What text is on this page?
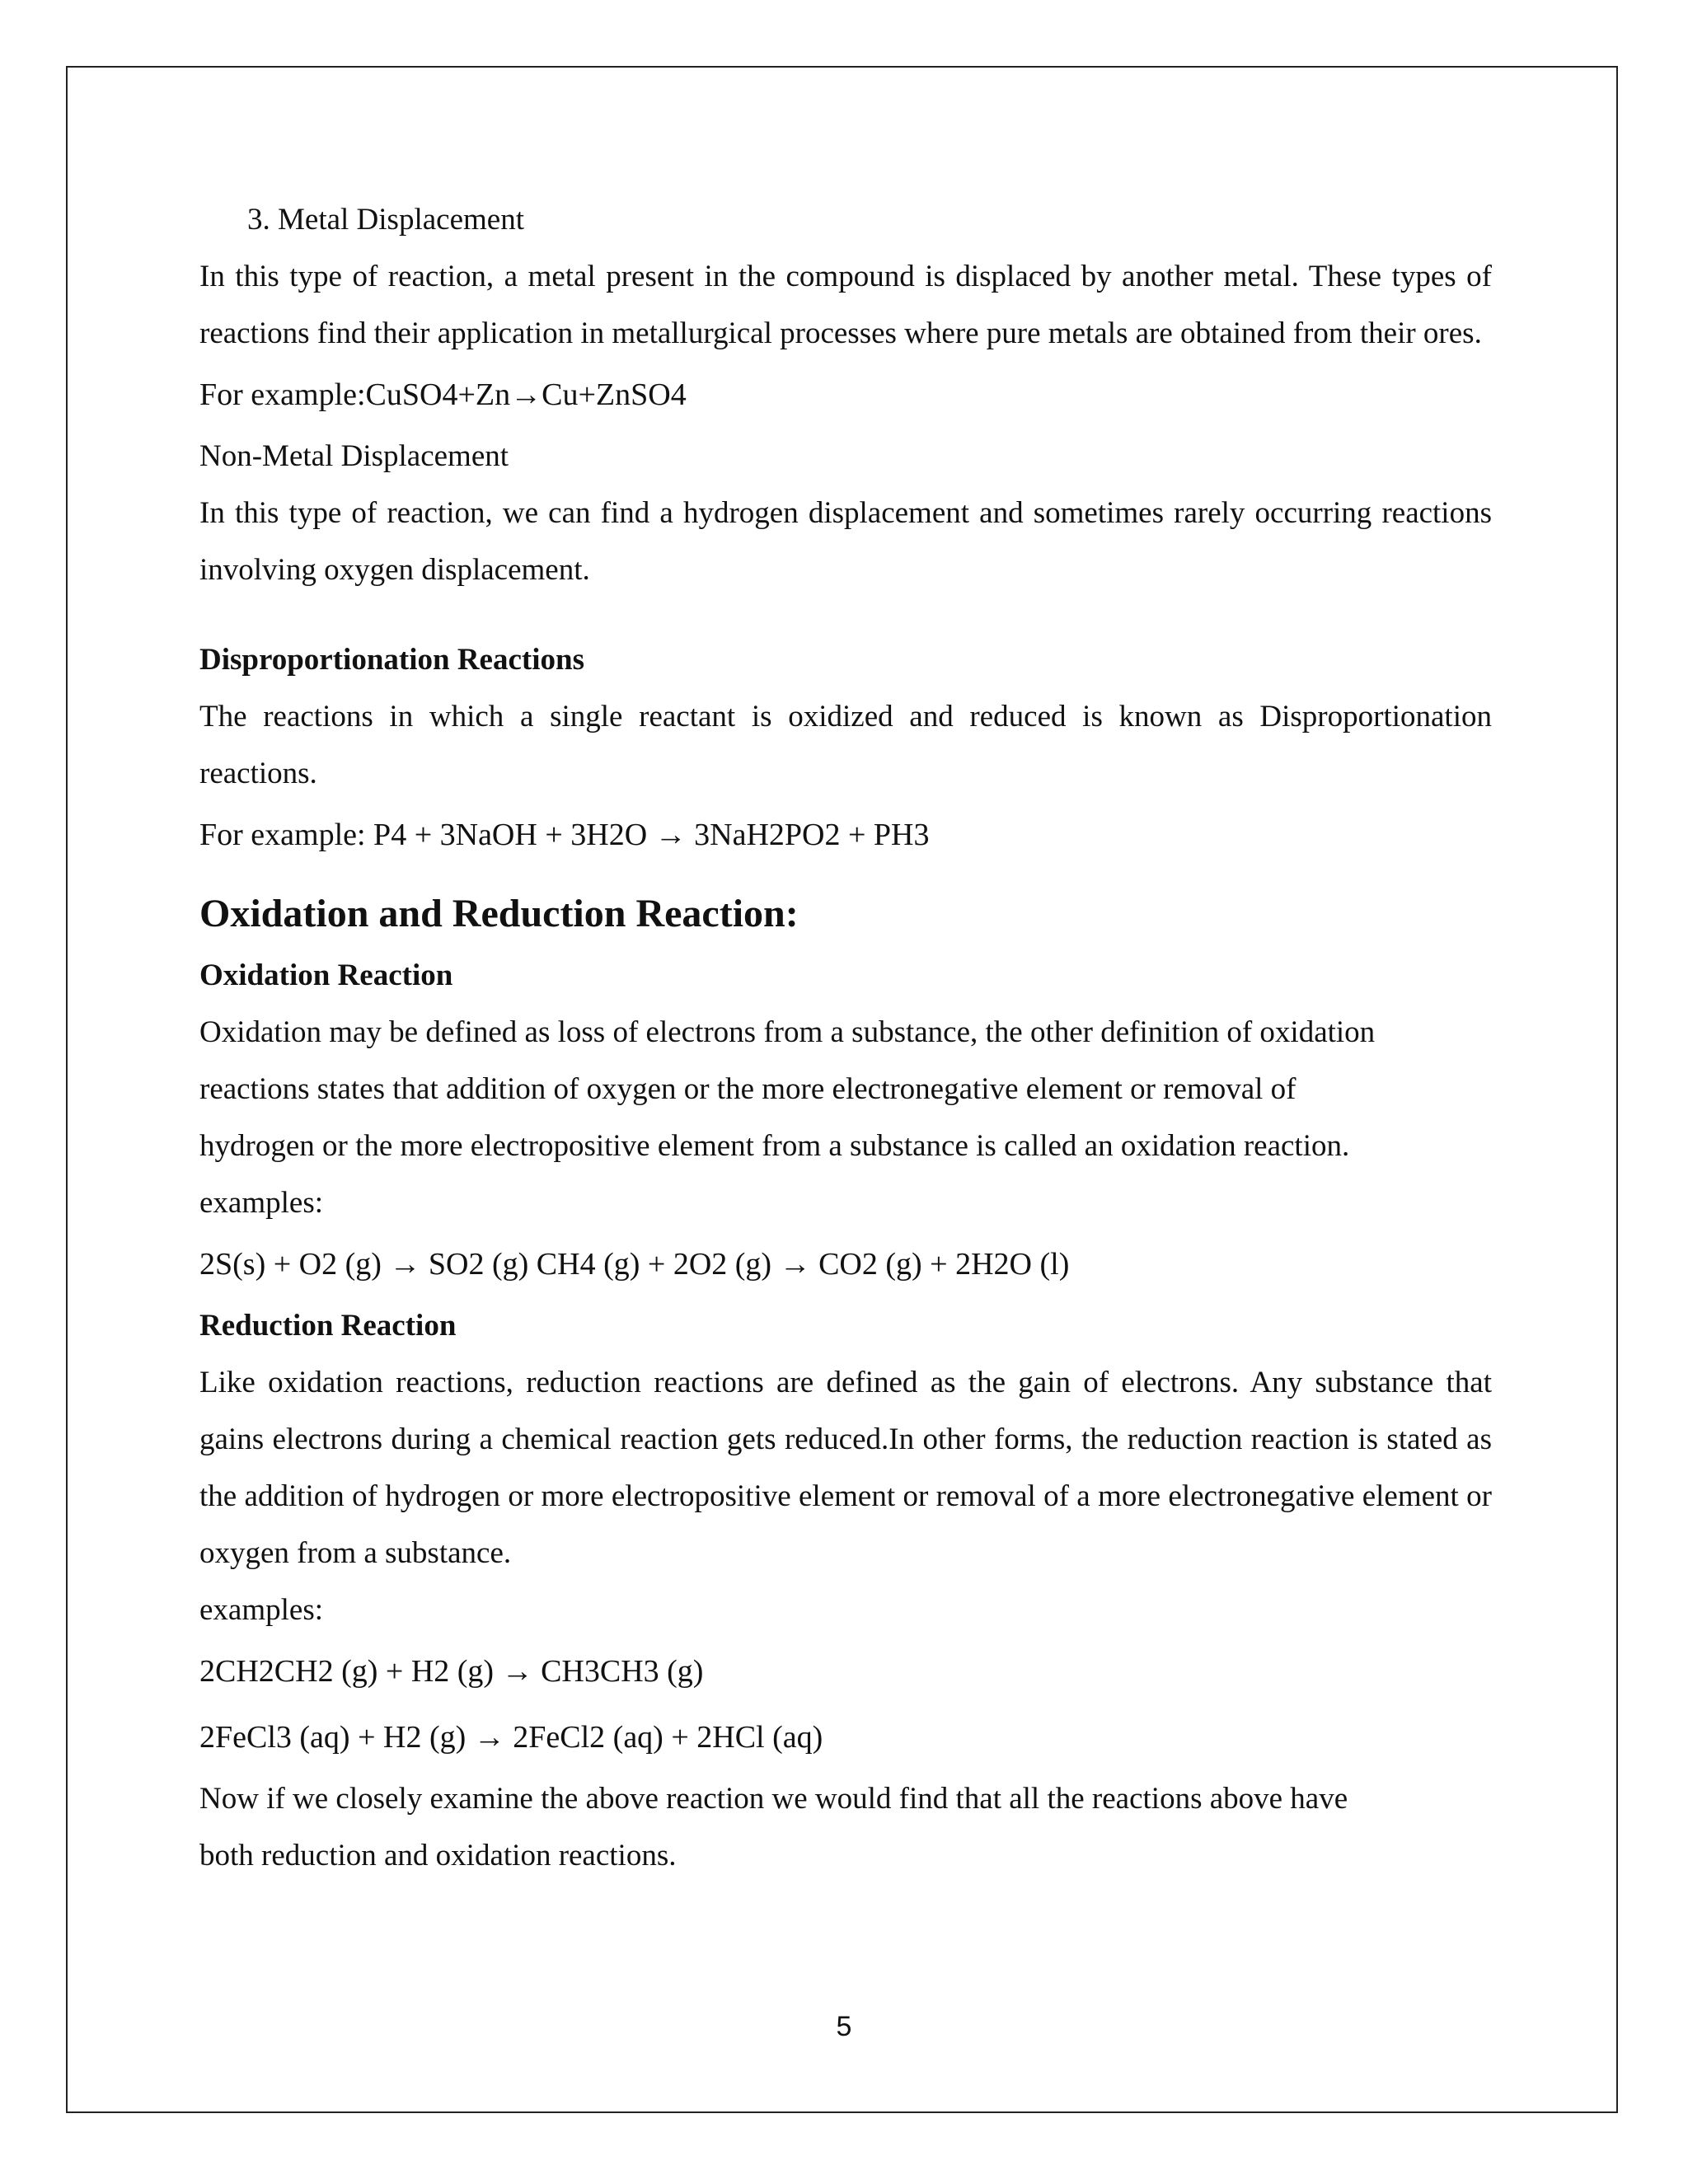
3. Metal Displacement
In this type of reaction, a metal present in the compound is displaced by another metal. These types of reactions find their application in metallurgical processes where pure metals are obtained from their ores.
For example:CuSO4+Zn→Cu+ZnSO4
Non-Metal Displacement
In this type of reaction, we can find a hydrogen displacement and sometimes rarely occurring reactions involving oxygen displacement.
Disproportionation Reactions
The reactions in which a single reactant is oxidized and reduced is known as Disproportionation reactions.
For example: P4 + 3NaOH + 3H2O → 3NaH2PO2 + PH3
Oxidation and Reduction Reaction:
Oxidation Reaction
Oxidation may be defined as loss of electrons from a substance, the other definition of oxidation
reactions states that addition of oxygen or the more electronegative element or removal of
hydrogen or the more electropositive element from a substance is called an oxidation reaction.
examples:
2S(s) + O2 (g) → SO2 (g) CH4 (g) + 2O2 (g) → CO2 (g) + 2H2O (l)
Reduction Reaction
Like oxidation reactions, reduction reactions are defined as the gain of electrons. Any substance that gains electrons during a chemical reaction gets reduced.In other forms, the reduction reaction is stated as the addition of hydrogen or more electropositive element or removal of a more electronegative element or oxygen from a substance.
examples:
2CH2CH2 (g) + H2 (g) → CH3CH3 (g)
2FeCl3 (aq) + H2 (g) → 2FeCl2 (aq) + 2HCl (aq)
Now if we closely examine the above reaction we would find that all the reactions above have
both reduction and oxidation reactions.
5
